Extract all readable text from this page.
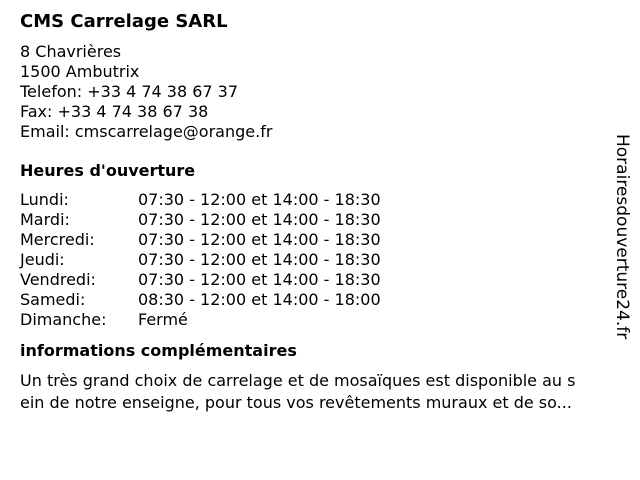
CMS Carrelage SARL
8 Chavrières
1500 Ambutrix
Telefon: +33 4 74 38 67 37
Fax: +33 4 74 38 67 38
Email: cmscarrelage@orange.fr
Heures d'ouverture
Lundi:	07:30 - 12:00 et 14:00 - 18:30
Mardi:	07:30 - 12:00 et 14:00 - 18:30
Mercredi:	07:30 - 12:00 et 14:00 - 18:30
Jeudi:	07:30 - 12:00 et 14:00 - 18:30
Vendredi:	07:30 - 12:00 et 14:00 - 18:30
Samedi:	08:30 - 12:00 et 14:00 - 18:00
Dimanche:	Fermé
informations complémentaires
Un très grand choix de carrelage et de mosaïques est disponible au s
ein de notre enseigne, pour tous vos revêtements muraux et de so...
Horairesdouverture24.fr
